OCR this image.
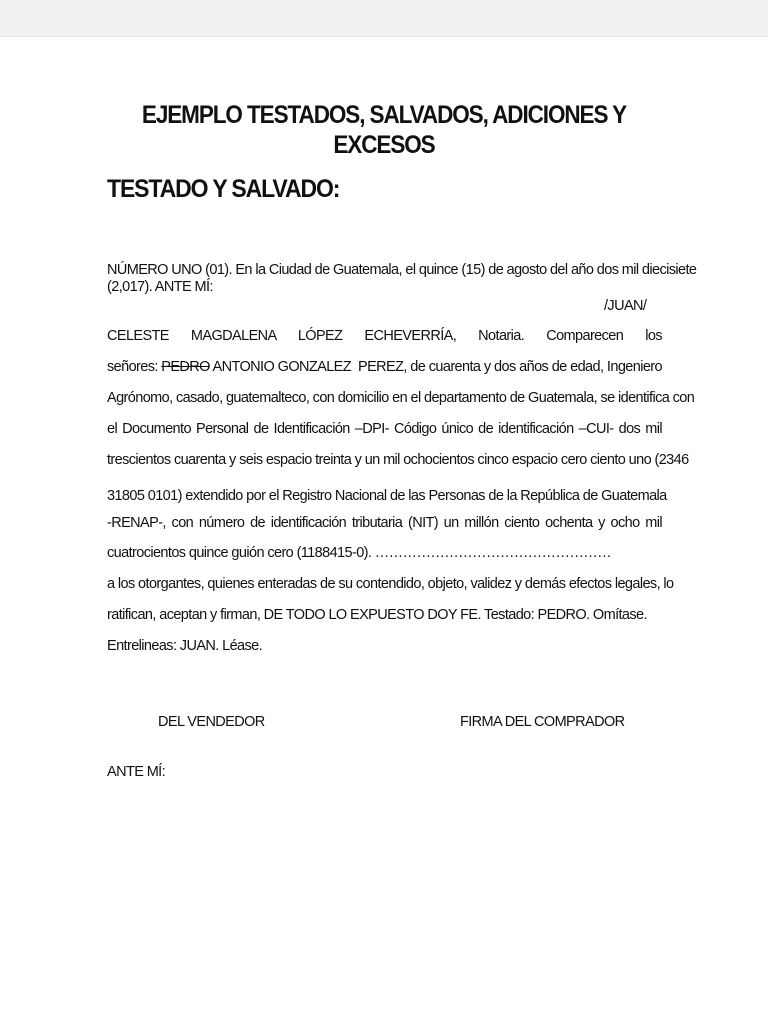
EJEMPLO TESTADOS, SALVADOS, ADICIONES Y EXCESOS
TESTADO Y SALVADO:
NÚMERO UNO (01). En la Ciudad de Guatemala, el quince (15) de agosto del año dos mil diecisiete
(2,017). ANTE MÍ:
/JUAN/
CELESTE MAGDALENA LÓPEZ ECHEVERRÍA, Notaria. Comparecen los
señores: PEDRO ANTONIO GONZALEZ  PEREZ, de cuarenta y dos años de edad, Ingeniero
Agrónomo, casado, guatemalteco, con domicilio en el departamento de Guatemala, se identifica con
el Documento Personal de Identificación –DPI- Código único de identificación –CUI- dos mil
trescientos cuarenta y seis espacio treinta y un mil ochocientos cinco espacio cero ciento uno (2346
31805 0101) extendido por el Registro Nacional de las Personas de la República de Guatemala
-RENAP-, con número de identificación tributaria (NIT) un millón ciento ochenta y ocho mil
cuatrocientos quince guión cero (1188415-0). ……………………………………………
a los otorgantes, quienes enteradas de su contendido, objeto, validez y demás efectos legales, lo
ratifican, aceptan y firman, DE TODO LO EXPUESTO DOY FE. Testado: PEDRO. Omítase.
Entrelineas: JUAN. Léase.
DEL VENDEDOR	FIRMA DEL COMPRADOR
ANTE MÍ:
